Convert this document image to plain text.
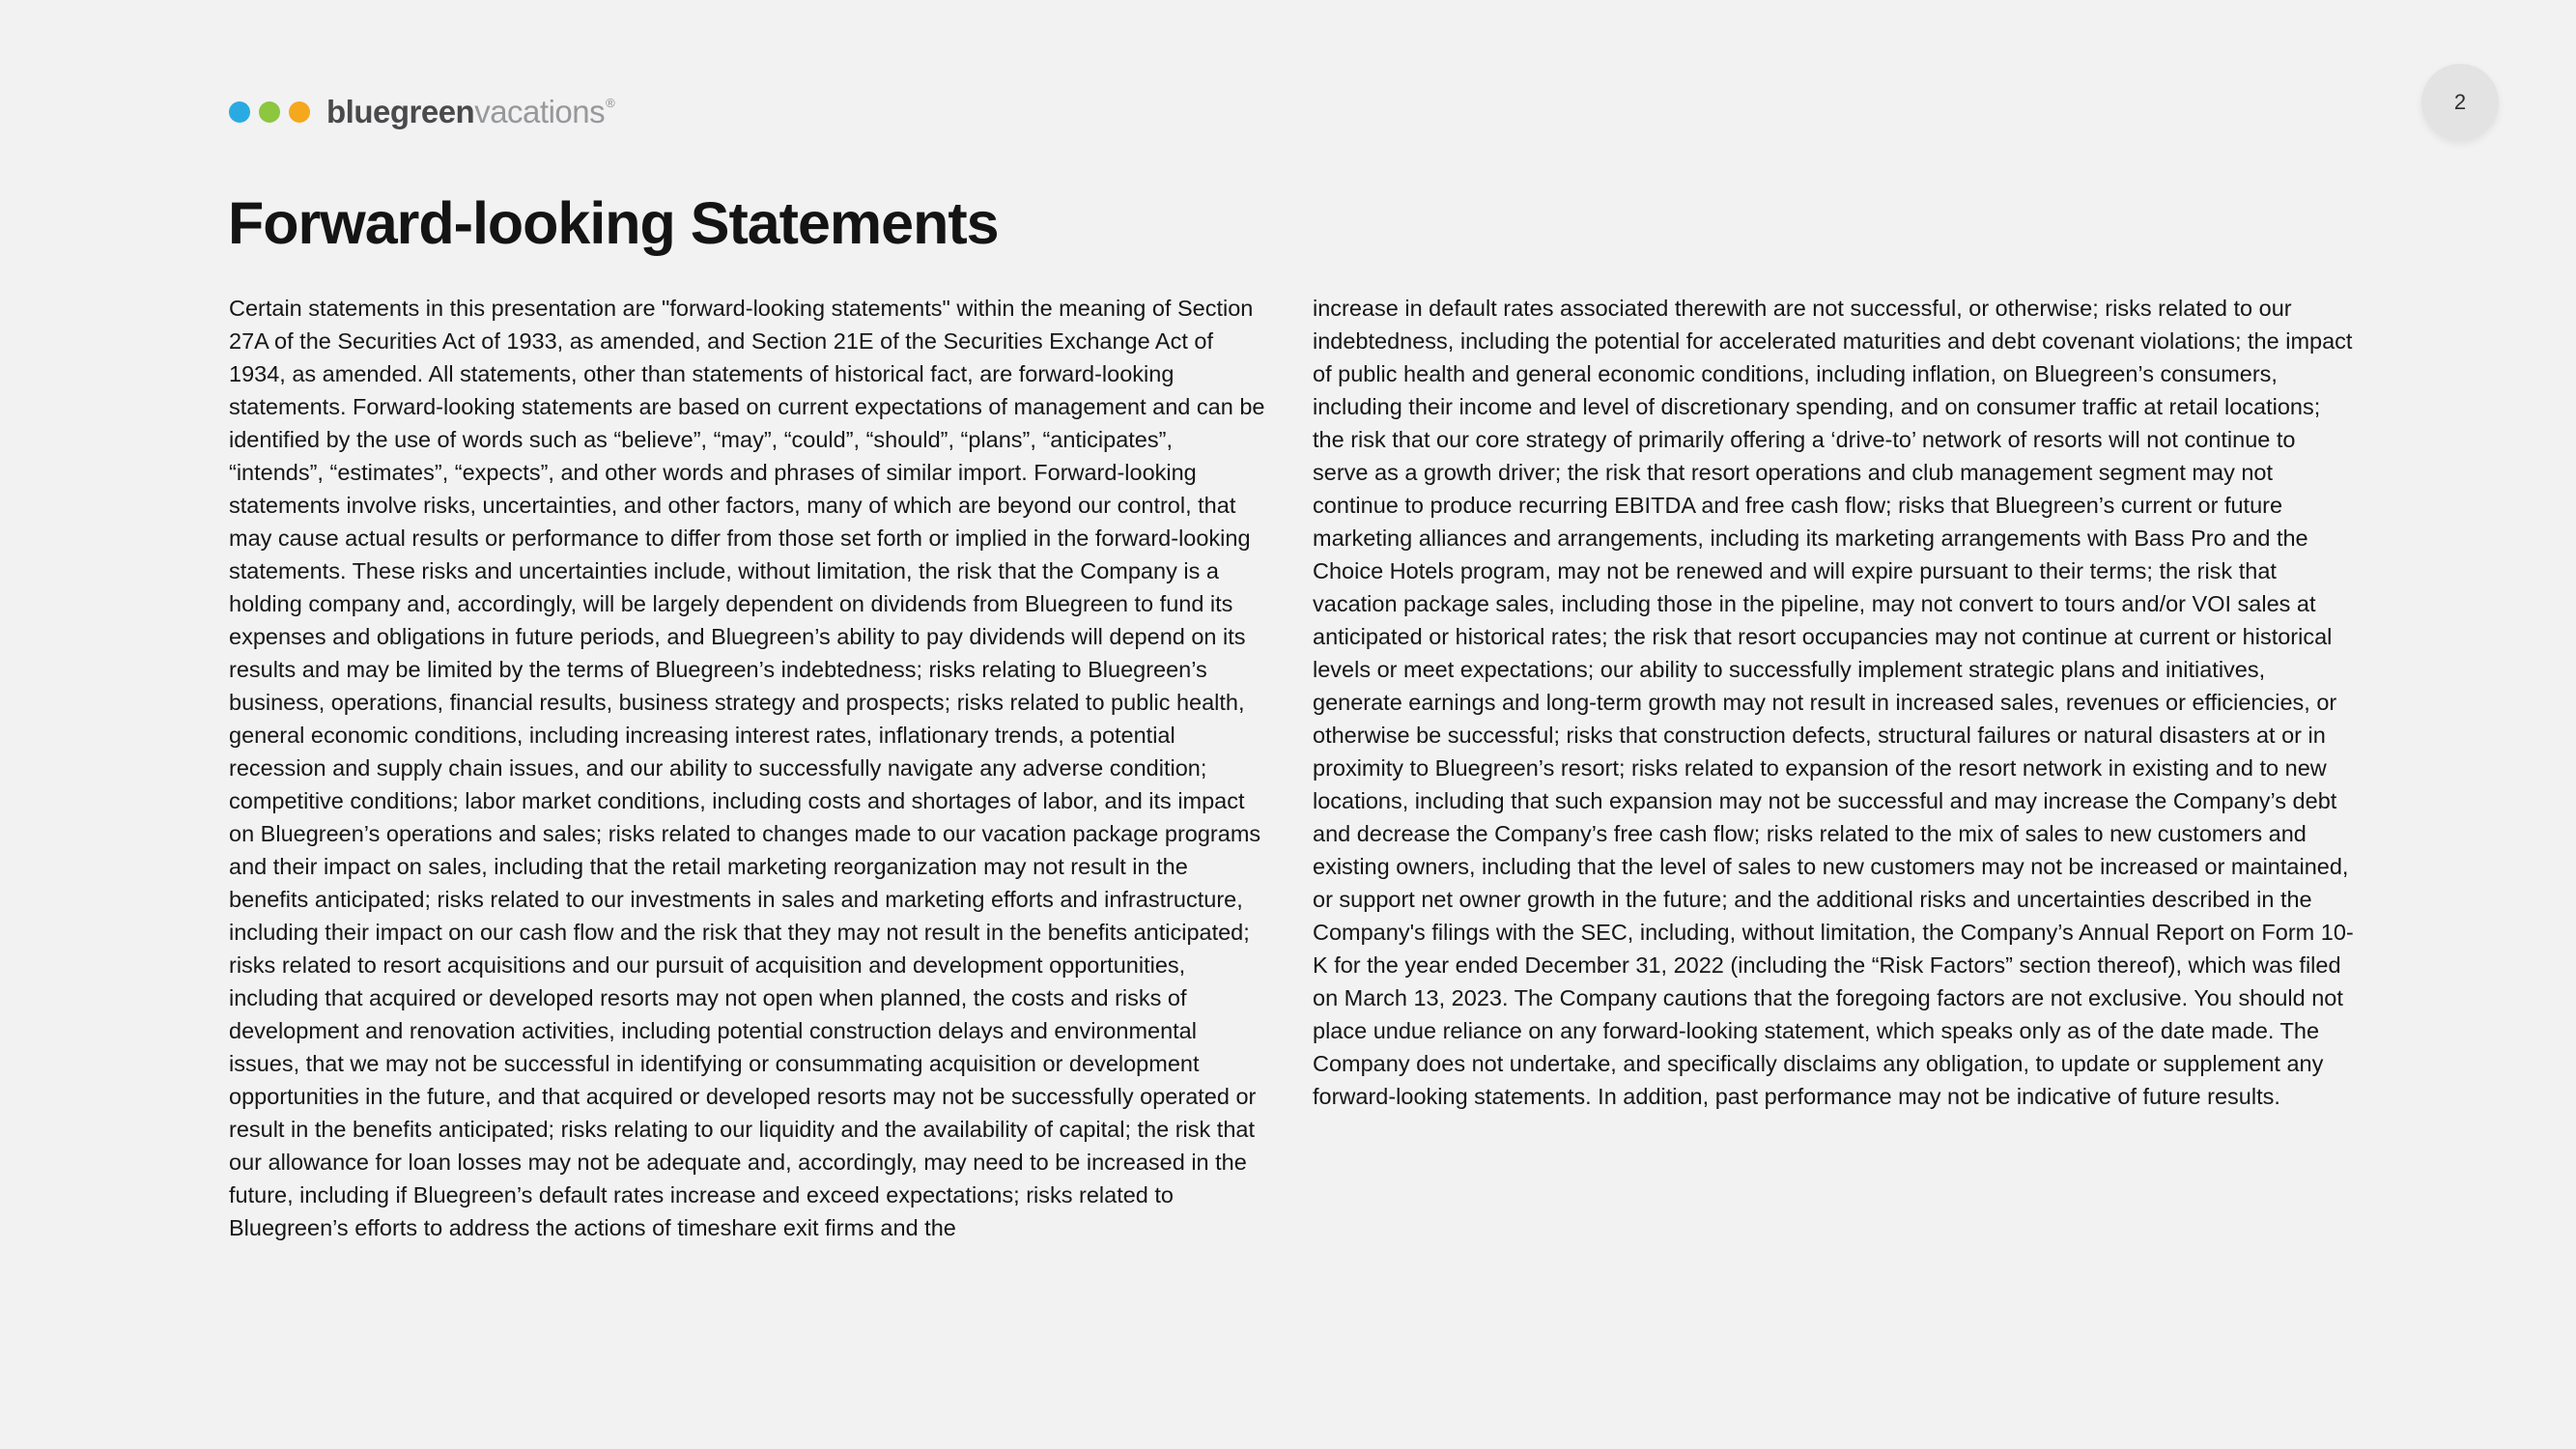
bluegreenvacations®	2
Forward-looking Statements
Certain statements in this presentation are "forward-looking statements" within the meaning of Section 27A of the Securities Act of 1933, as amended, and Section 21E of the Securities Exchange Act of 1934, as amended. All statements, other than statements of historical fact, are forward-looking statements. Forward-looking statements are based on current expectations of management and can be identified by the use of words such as “believe”, “may”, “could”, “should”, “plans”, “anticipates”, “intends”, “estimates”, “expects”, and other words and phrases of similar import. Forward-looking statements involve risks, uncertainties, and other factors, many of which are beyond our control, that may cause actual results or performance to differ from those set forth or implied in the forward-looking statements. These risks and uncertainties include, without limitation, the risk that the Company is a holding company and, accordingly, will be largely dependent on dividends from Bluegreen to fund its expenses and obligations in future periods, and Bluegreen’s ability to pay dividends will depend on its results and may be limited by the terms of Bluegreen’s indebtedness; risks relating to Bluegreen’s business, operations, financial results, business strategy and prospects; risks related to public health, general economic conditions, including increasing interest rates, inflationary trends, a potential recession and supply chain issues, and our ability to successfully navigate any adverse condition; competitive conditions; labor market conditions, including costs and shortages of labor, and its impact on Bluegreen’s operations and sales; risks related to changes made to our vacation package programs and their impact on sales, including that the retail marketing reorganization may not result in the benefits anticipated; risks related to our investments in sales and marketing efforts and infrastructure, including their impact on our cash flow and the risk that they may not result in the benefits anticipated; risks related to resort acquisitions and our pursuit of acquisition and development opportunities, including that acquired or developed resorts may not open when planned, the costs and risks of development and renovation activities, including potential construction delays and environmental issues, that we may not be successful in identifying or consummating acquisition or development opportunities in the future, and that acquired or developed resorts may not be successfully operated or result in the benefits anticipated; risks relating to our liquidity and the availability of capital; the risk that our allowance for loan losses may not be adequate and, accordingly, may need to be increased in the future, including if Bluegreen’s default rates increase and exceed expectations; risks related to Bluegreen’s efforts to address the actions of timeshare exit firms and the
increase in default rates associated therewith are not successful, or otherwise; risks related to our indebtedness, including the potential for accelerated maturities and debt covenant violations; the impact of public health and general economic conditions, including inflation, on Bluegreen’s consumers, including their income and level of discretionary spending, and on consumer traffic at retail locations; the risk that our core strategy of primarily offering a ‘drive-to’ network of resorts will not continue to serve as a growth driver; the risk that resort operations and club management segment may not continue to produce recurring EBITDA and free cash flow; risks that Bluegreen’s current or future marketing alliances and arrangements, including its marketing arrangements with Bass Pro and the Choice Hotels program, may not be renewed and will expire pursuant to their terms; the risk that vacation package sales, including those in the pipeline, may not convert to tours and/or VOI sales at anticipated or historical rates; the risk that resort occupancies may not continue at current or historical levels or meet expectations; our ability to successfully implement strategic plans and initiatives, generate earnings and long-term growth may not result in increased sales, revenues or efficiencies, or otherwise be successful; risks that construction defects, structural failures or natural disasters at or in proximity to Bluegreen’s resort; risks related to expansion of the resort network in existing and to new locations, including that such expansion may not be successful and may increase the Company’s debt and decrease the Company’s free cash flow; risks related to the mix of sales to new customers and existing owners, including that the level of sales to new customers may not be increased or maintained, or support net owner growth in the future; and the additional risks and uncertainties described in the Company's filings with the SEC, including, without limitation, the Company’s Annual Report on Form 10-K for the year ended December 31, 2022 (including the “Risk Factors” section thereof), which was filed on March 13, 2023. The Company cautions that the foregoing factors are not exclusive. You should not place undue reliance on any forward-looking statement, which speaks only as of the date made. The Company does not undertake, and specifically disclaims any obligation, to update or supplement any forward-looking statements. In addition, past performance may not be indicative of future results.
